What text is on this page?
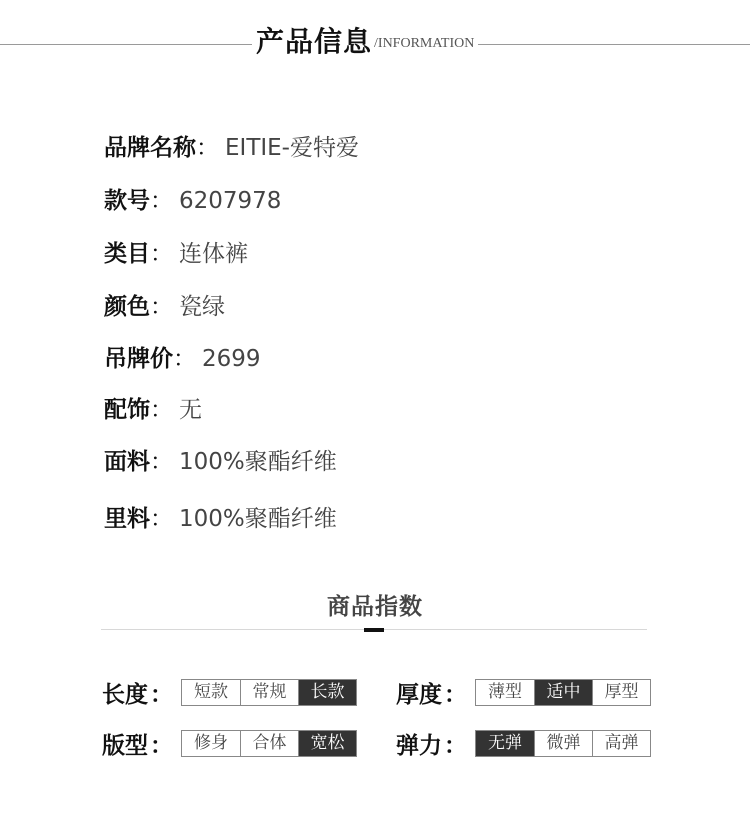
产品信息 /INFORMATION
品牌名称： EITIE-爱特爱
款号： 6207978
类目： 连体裤
颜色： 瓷绿
吊牌价： 2699
配饰： 无
面料： 100%聚酯纤维
里料： 100%聚酯纤维
商品指数
长度 ：	短款	常规	长款	厚度 ：	薄型	适中	厚型
版型 ：	修身	合体	宽松	弹力 ：	无弹	微弹	高弹
